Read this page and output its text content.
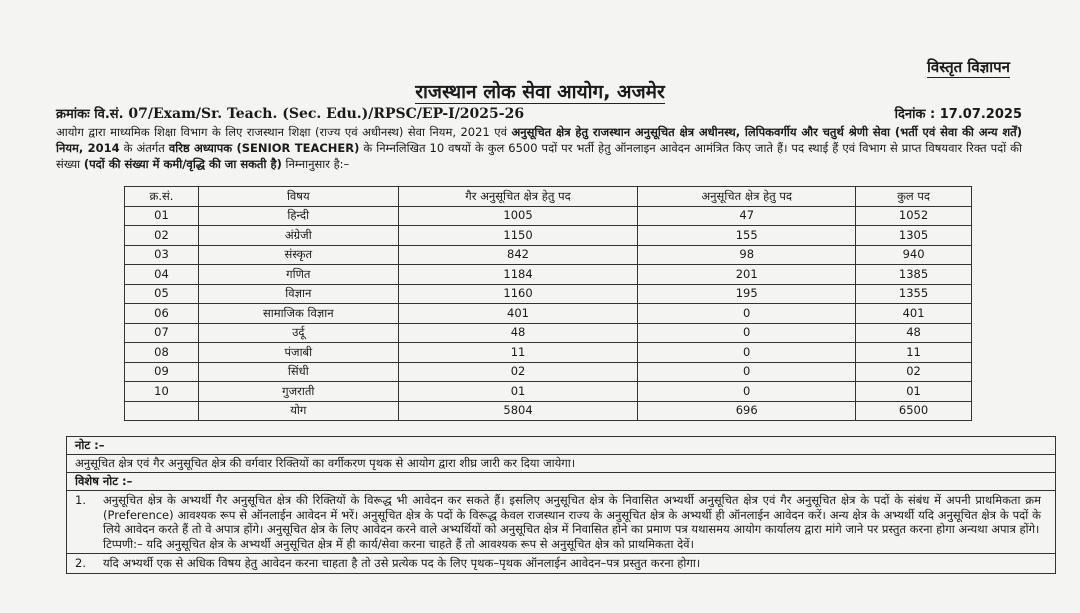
विस्तृत विज्ञापन
राजस्थान लोक सेवा आयोग, अजमेर
क्रमांकः वि.सं. 07/Exam/Sr. Teach. (Sec. Edu.)/RPSC/EP-I/2025-26	दिनांक : 17.07.2025
आयोग द्वारा माध्यमिक शिक्षा विभाग के लिए राजस्थान शिक्षा (राज्य एवं अधीनस्थ) सेवा नियम, 2021 एवं अनुसूचित क्षेत्र हेतु राजस्थान अनुसूचित क्षेत्र अधीनस्थ, लिपिकवर्गीय और चतुर्थ श्रेणी सेवा (भर्ती एवं सेवा की अन्य शर्तें) नियम, 2014 के अंतर्गत वरिष्ठ अध्यापक (SENIOR TEACHER) के निम्नलिखित 10 वषयों के कुल 6500 पदों पर भर्ती हेतु ऑनलाइन आवेदन आमंत्रित किए जाते हैं। पद स्थाई हैं एवं विभाग से प्राप्त विषयवार रिक्त पदों की संख्या (पदों की संख्या में कमी/वृद्धि की जा सकती है) निम्नानुसार है:–
क्र.सं.	विषय	गैर अनुसूचित क्षेत्र हेतु पद	अनुसूचित क्षेत्र हेतु पद	कुल पद
01	हिन्दी	1005	47	1052
02	अंग्रेजी	1150	155	1305
03	संस्कृत	842	98	940
04	गणित	1184	201	1385
05	विज्ञान	1160	195	1355
06	सामाजिक विज्ञान	401	0	401
07	उर्दू	48	0	48
08	पंजाबी	11	0	11
09	सिंधी	02	0	02
10	गुजराती	01	0	01
	योग	5804	696	6500
नोट :–
अनुसूचित क्षेत्र एवं गैर अनुसूचित क्षेत्र की वर्गवार रिक्तियों का वर्गीकरण पृथक से आयोग द्वारा शीघ्र जारी कर दिया जायेगा।
विशेष नोट :–
1.	अनुसूचित क्षेत्र के अभ्यर्थी गैर अनुसूचित क्षेत्र की रिक्तियों के विरूद्ध भी आवेदन कर सकते हैं। इसलिए अनुसूचित क्षेत्र के निवासित अभ्यर्थी अनुसूचित क्षेत्र एवं गैर अनुसूचित क्षेत्र के पदों के संबंध में अपनी प्राथमिकता क्रम (Preference) आवश्यक रूप से ऑनलाईन आवेदन में भरें। अनुसूचित क्षेत्र के पदों के विरूद्ध केवल राजस्थान राज्य के अनुसूचित क्षेत्र के अभ्यर्थी ही ऑनलाईन आवेदन करें। अन्य क्षेत्र के अभ्यर्थी यदि अनुसूचित क्षेत्र के पदों के लिये आवेदन करते हैं तो वे अपात्र होंगे। अनुसूचित क्षेत्र के लिए आवेदन करने वाले अभ्यर्थियों को अनुसूचित क्षेत्र में निवासित होने का प्रमाण पत्र यथासमय आयोग कार्यालय द्वारा मांगे जाने पर प्रस्तुत करना होगा अन्यथा अपात्र होंगे।
टिप्पणी:– यदि अनुसूचित क्षेत्र के अभ्यर्थी अनुसूचित क्षेत्र में ही कार्य/सेवा करना चाहते हैं तो आवश्यक रूप से अनुसूचित क्षेत्र को प्राथमिकता देवें।
2.	यदि अभ्यर्थी एक से अधिक विषय हेतु आवेदन करना चाहता है तो उसे प्रत्येक पद के लिए पृथक–पृथक ऑनलाईन आवेदन–पत्र प्रस्तुत करना होगा।
